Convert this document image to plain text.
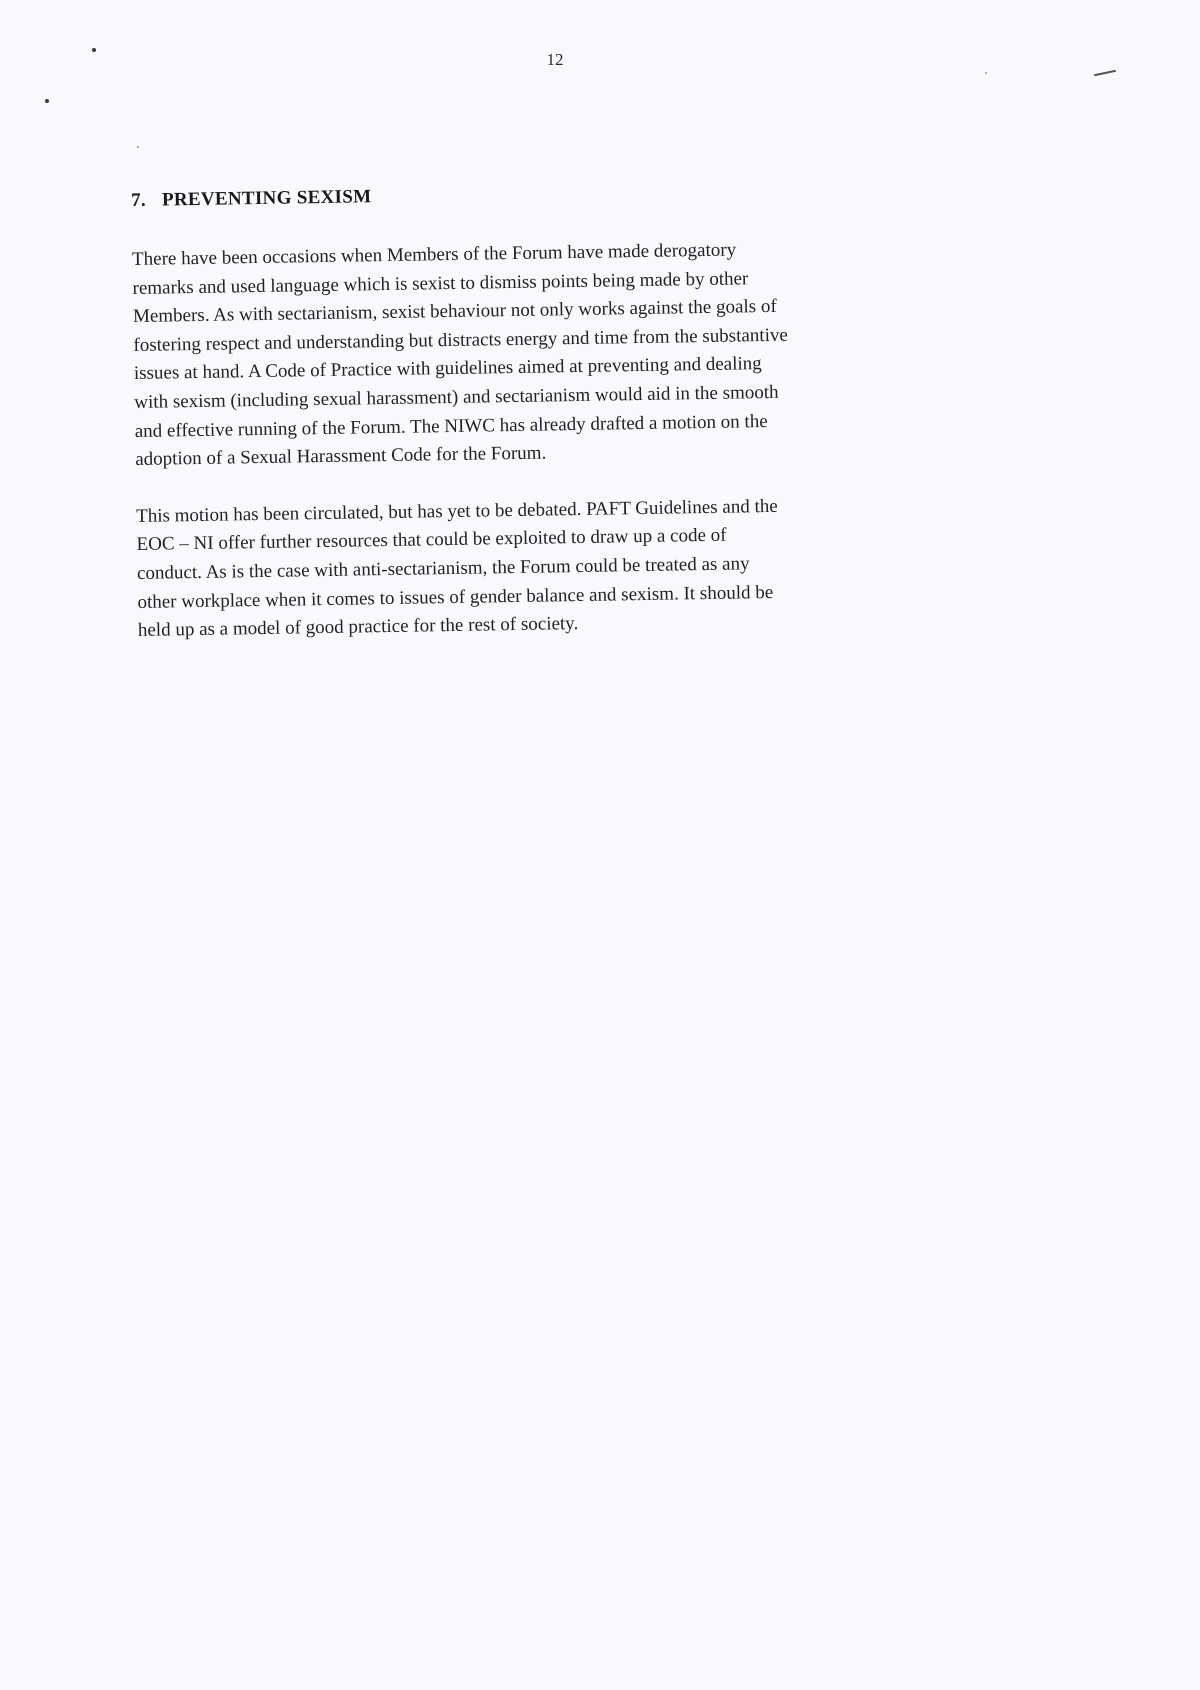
12
7. PREVENTING SEXISM

There have been occasions when Members of the Forum have made derogatory
remarks and used language which is sexist to dismiss points being made by other
Members. As with sectarianism, sexist behaviour not only works against the goals of
fostering respect and understanding but distracts energy and time from the substantive
issues at hand. A Code of Practice with guidelines aimed at preventing and dealing
with sexism (including sexual harassment) and sectarianism would aid in the smooth
and effective running of the Forum. The NIWC has already drafted a motion on the
adoption of a Sexual Harassment Code for the Forum.

This motion has been circulated, but has yet to be debated. PAFT Guidelines and the
EOC – NI offer further resources that could be exploited to draw up a code of
conduct. As is the case with anti-sectarianism, the Forum could be treated as any
other workplace when it comes to issues of gender balance and sexism. It should be
held up as a model of good practice for the rest of society.
